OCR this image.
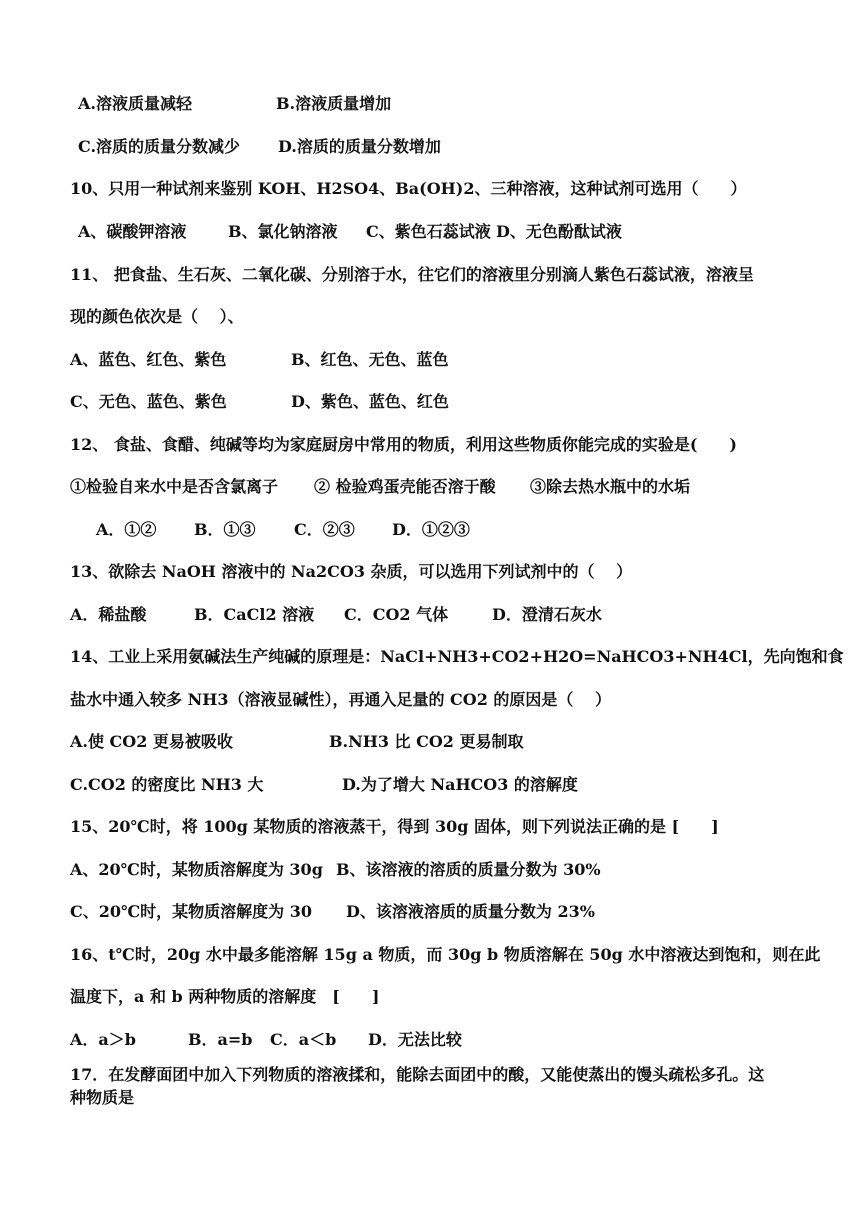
A.溶液质量减轻	B.溶液质量增加
C.溶质的质量分数减少 D.溶质的质量分数增加
10、只用一种试剂来鉴别 KOH、H2SO4、Ba(OH)2、三种溶液，这种试剂可选用（　　）
A、碳酸钾溶液	B、氯化钠溶液 C、紫色石蕊试液 D、无色酚酞试液
11、 把食盐、生石灰、二氧化碳、分别溶于水，往它们的溶液里分别滴人紫色石蕊试液，溶液呈
现的颜色依次是（　 ）、
A、蓝色、红色、紫色	B、红色、无色、蓝色
C、无色、蓝色、紫色	D、紫色、蓝色、红色
12、 食盐、食醋、纯碱等均为家庭厨房中常用的物质，利用这些物质你能完成的实验是(　　)
①检验自来水中是否含氯离子 ② 检验鸡蛋壳能否溶于酸 ③除去热水瓶中的水垢
A．①② B．①③ C．②③ D．①②③
13、欲除去 NaOH 溶液中的 Na2CO3 杂质，可以选用下列试剂中的（　 ）
A．稀盐酸	B．CaCl2 溶液 C．CO2 气体	D．澄清石灰水
14、工业上采用氨碱法生产纯碱的原理是：NaCl+NH3+CO2+H2O=NaHCO3+NH4Cl，先向饱和食
盐水中通入较多 NH3（溶液显碱性），再通入足量的 CO2 的原因是（　 ）
A.使 CO2 更易被吸收	B.NH3 比 CO2 更易制取
C.CO2 的密度比 NH3 大	D.为了增大 NaHCO3 的溶解度
15、20℃时，将 100g 某物质的溶液蒸干，得到 30g 固体，则下列说法正确的是 [　　]
A、20℃时，某物质溶解度为 30g B、该溶液的溶质的质量分数为 30%
C、20℃时，某物质溶解度为 30 D、该溶液溶质的质量分数为 23%
16、t℃时，20g 水中最多能溶解 15g a 物质，而 30g b 物质溶解在 50g 水中溶液达到饱和，则在此
温度下，a 和 b 两种物质的溶解度　[　　]
A．a＞b	B．a=b C．a＜b D．无法比较
17．在发酵面团中加入下列物质的溶液揉和，能除去面团中的酸，又能使蒸出的馒头疏松多孔。这
种物质是
